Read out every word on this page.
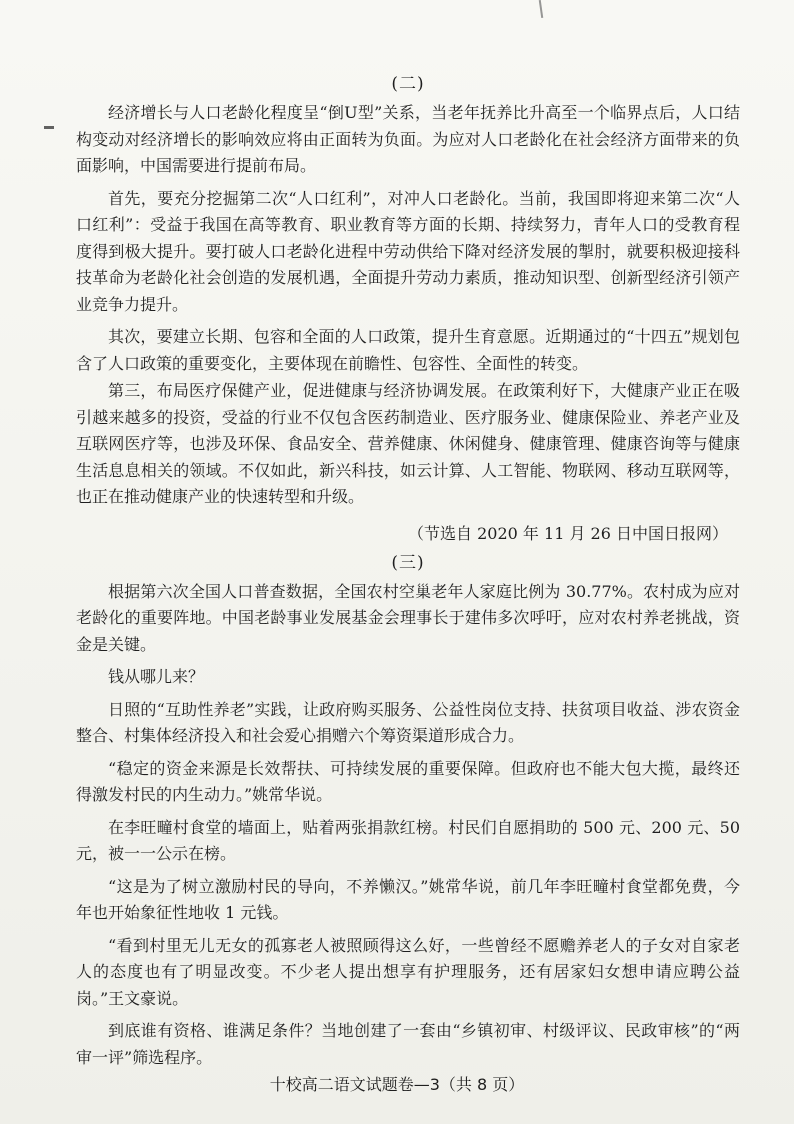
(二)

经济增长与人口老龄化程度呈“倒U型”关系，当老年抚养比升高至一个临界点后，人口结构变动对经济增长的影响效应将由正面转为负面。为应对人口老龄化在社会经济方面带来的负面影响，中国需要进行提前布局。

首先，要充分挖掘第二次“人口红利”，对冲人口老龄化。当前，我国即将迎来第二次“人口红利”：受益于我国在高等教育、职业教育等方面的长期、持续努力，青年人口的受教育程度得到极大提升。要打破人口老龄化进程中劳动供给下降对经济发展的掣肘，就要积极迎接科技革命为老龄化社会创造的发展机遇，全面提升劳动力素质，推动知识型、创新型经济引领产业竞争力提升。

其次，要建立长期、包容和全面的人口政策，提升生育意愿。近期通过的“十四五”规划包含了人口政策的重要变化，主要体现在前瞻性、包容性、全面性的转变。

第三，布局医疗保健产业，促进健康与经济协调发展。在政策利好下，大健康产业正在吸引越来越多的投资，受益的行业不仅包含医药制造业、医疗服务业、健康保险业、养老产业及互联网医疗等，也涉及环保、食品安全、营养健康、休闲健身、健康管理、健康咨询等与健康生活息息相关的领域。不仅如此，新兴科技，如云计算、人工智能、物联网、移动互联网等，也正在推动健康产业的快速转型和升级。

（节选自 2020 年 11 月 26 日中国日报网）
(三)

根据第六次全国人口普查数据，全国农村空巢老年人家庭比例为 30.77%。农村成为应对老龄化的重要阵地。中国老龄事业发展基金会理事长于建伟多次呼吁，应对农村养老挑战，资金是关键。

钱从哪儿来？

日照的“互助性养老”实践，让政府购买服务、公益性岗位支持、扶贫项目收益、涉农资金整合、村集体经济投入和社会爱心捐赠六个筹资渠道形成合力。

“稳定的资金来源是长效帮扶、可持续发展的重要保障。但政府也不能大包大揽，最终还得激发村民的内生动力。”姚常华说。

在李旺疃村食堂的墙面上，贴着两张捐款红榜。村民们自愿捐助的 500 元、200 元、50 元，被一一公示在榜。

“这是为了树立激励村民的导向，不养懒汉。”姚常华说，前几年李旺疃村食堂都免费，今年也开始象征性地收 1 元钱。

“看到村里无儿无女的孤寡老人被照顾得这么好，一些曾经不愿赡养老人的子女对自家老人的态度也有了明显改变。不少老人提出想享有护理服务，还有居家妇女想申请应聘公益岗。”王文豪说。

到底谁有资格、谁满足条件？当地创建了一套由“乡镇初审、村级评议、民政审核”的“两审一评”筛选程序。

十校高二语文试题卷—3（共 8 页）
